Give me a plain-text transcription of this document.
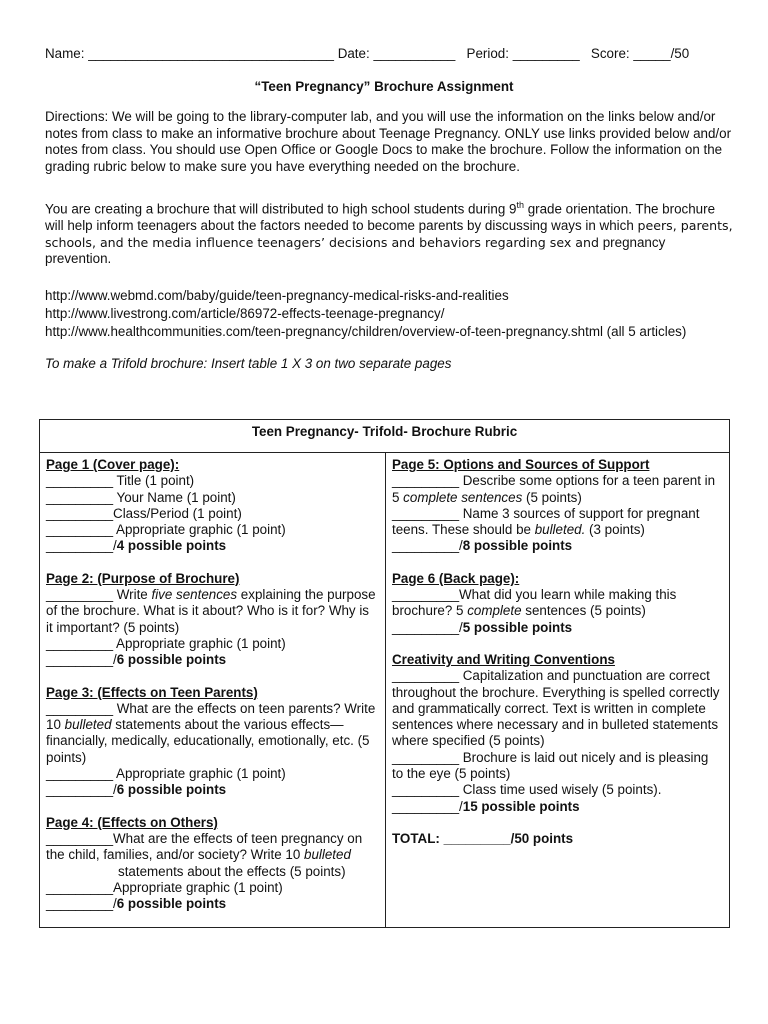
Name: _________________________________ Date: ___________ Period: _________ Score: _____/50
“Teen Pregnancy” Brochure Assignment
Directions: We will be going to the library-computer lab, and you will use the information on the links below and/or notes from class to make an informative brochure about Teenage Pregnancy. ONLY use links provided below and/or notes from class. You should use Open Office or Google Docs to make the brochure. Follow the information on the grading rubric below to make sure you have everything needed on the brochure.
You are creating a brochure that will distributed to high school students during 9th grade orientation. The brochure will help inform teenagers about the factors needed to become parents by discussing ways in which peers, parents, schools, and the media influence teenagers’ decisions and behaviors regarding sex and pregnancy prevention.
http://www.webmd.com/baby/guide/teen-pregnancy-medical-risks-and-realities
http://www.livestrong.com/article/86972-effects-teenage-pregnancy/
http://www.healthcommunities.com/teen-pregnancy/children/overview-of-teen-pregnancy.shtml (all 5 articles)
To make a Trifold brochure: Insert table 1 X 3 on two separate pages
Teen Pregnancy- Trifold- Brochure Rubric
Page 1 (Cover page):
_________ Title (1 point)
_________ Your Name (1 point)
_________Class/Period (1 point)
_________ Appropriate graphic (1 point)
_________/4 possible points
Page 2: (Purpose of Brochure)
_________ Write five sentences explaining the purpose of the brochure. What is it about? Who is it for? Why is it important? (5 points)
_________ Appropriate graphic (1 point)
_________/6 possible points
Page 3: (Effects on Teen Parents)
_________ What are the effects on teen parents? Write 10 bulleted statements about the various effects—financially, medically, educationally, emotionally, etc. (5 points)
_________ Appropriate graphic (1 point)
_________/6 possible points
Page 4: (Effects on Others)
_________What are the effects of teen pregnancy on the child, families, and/or society? Write 10 bulleted
statements about the effects (5 points)
_________Appropriate graphic (1 point)
_________/6 possible points
Page 5: Options and Sources of Support
_________ Describe some options for a teen parent in 5 complete sentences (5 points)
_________ Name 3 sources of support for pregnant teens. These should be bulleted. (3 points)
_________/8 possible points
Page 6 (Back page):
_________What did you learn while making this brochure? 5 complete sentences (5 points)
_________/5 possible points
Creativity and Writing Conventions
_________ Capitalization and punctuation are correct throughout the brochure. Everything is spelled correctly and grammatically correct. Text is written in complete sentences where necessary and in bulleted statements where specified (5 points)
_________ Brochure is laid out nicely and is pleasing to the eye (5 points)
_________ Class time used wisely (5 points).
_________/15 possible points
TOTAL: _________/50 points
